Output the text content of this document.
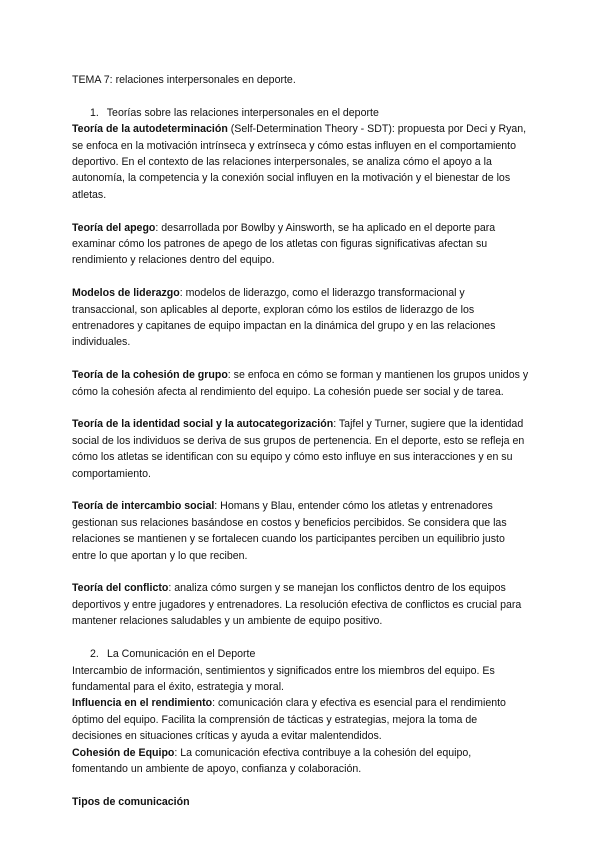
TEMA 7: relaciones interpersonales en deporte.

1. Teorías sobre las relaciones interpersonales en el deporte

Teoría de la autodeterminación (Self-Determination Theory - SDT): propuesta por Deci y Ryan, se enfoca en la motivación intrínseca y extrínseca y cómo estas influyen en el comportamiento deportivo. En el contexto de las relaciones interpersonales, se analiza cómo el apoyo a la autonomía, la competencia y la conexión social influyen en la motivación y el bienestar de los atletas.

Teoría del apego: desarrollada por Bowlby y Ainsworth, se ha aplicado en el deporte para examinar cómo los patrones de apego de los atletas con figuras significativas afectan su rendimiento y relaciones dentro del equipo.

Modelos de liderazgo: modelos de liderazgo, como el liderazgo transformacional y transaccional, son aplicables al deporte, exploran cómo los estilos de liderazgo de los entrenadores y capitanes de equipo impactan en la dinámica del grupo y en las relaciones individuales.

Teoría de la cohesión de grupo: se enfoca en cómo se forman y mantienen los grupos unidos y cómo la cohesión afecta al rendimiento del equipo. La cohesión puede ser social y de tarea.

Teoría de la identidad social y la autocategorización: Tajfel y Turner, sugiere que la identidad social de los individuos se deriva de sus grupos de pertenencia. En el deporte, esto se refleja en cómo los atletas se identifican con su equipo y cómo esto influye en sus interacciones y en su comportamiento.

Teoría de intercambio social: Homans y Blau, entender cómo los atletas y entrenadores gestionan sus relaciones basándose en costos y beneficios percibidos. Se considera que las relaciones se mantienen y se fortalecen cuando los participantes perciben un equilibrio justo entre lo que aportan y lo que reciben.

Teoría del conflicto: analiza cómo surgen y se manejan los conflictos dentro de los equipos deportivos y entre jugadores y entrenadores. La resolución efectiva de conflictos es crucial para mantener relaciones saludables y un ambiente de equipo positivo.

2. La Comunicación en el Deporte

Intercambio de información, sentimientos y significados entre los miembros del equipo. Es fundamental para el éxito, estrategia y moral.

Influencia en el rendimiento: comunicación clara y efectiva es esencial para el rendimiento óptimo del equipo. Facilita la comprensión de tácticas y estrategias, mejora la toma de decisiones en situaciones críticas y ayuda a evitar malentendidos.

Cohesión de Equipo: La comunicación efectiva contribuye a la cohesión del equipo, fomentando un ambiente de apoyo, confianza y colaboración.

Tipos de comunicación
